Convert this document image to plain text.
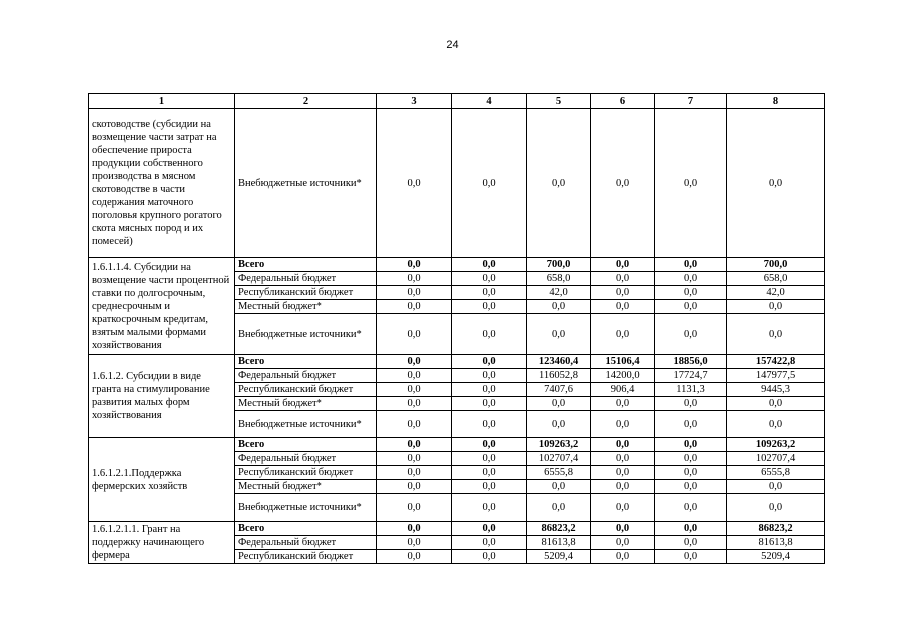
24
1	2	3	4	5	6	7	8
скотоводстве (субсидии на возмещение части затрат на обеспечение прироста продукции собственного производства в мясном скотоводстве в части содержания маточного поголовья крупного рогатого скота мясных пород и их помесей)	Внебюджетные источники*	0,0	0,0	0,0	0,0	0,0	0,0
1.6.1.1.4. Субсидии на возмещение части процентной ставки по долгосрочным, среднесрочным и краткосрочным кредитам, взятым малыми формами хозяйствования	Всего	0,0	0,0	700,0	0,0	0,0	700,0
	Федеральный бюджет	0,0	0,0	658,0	0,0	0,0	658,0
	Республиканский бюджет	0,0	0,0	42,0	0,0	0,0	42,0
	Местный бюджет*	0,0	0,0	0,0	0,0	0,0	0,0
	Внебюджетные источники*	0,0	0,0	0,0	0,0	0,0	0,0
1.6.1.2. Субсидии в виде гранта на стимулирование развития малых форм хозяйствования	Всего	0,0	0,0	123460,4	15106,4	18856,0	157422,8
	Федеральный бюджет	0,0	0,0	116052,8	14200,0	17724,7	147977,5
	Республиканский бюджет	0,0	0,0	7407,6	906,4	1131,3	9445,3
	Местный бюджет*	0,0	0,0	0,0	0,0	0,0	0,0
	Внебюджетные источники*	0,0	0,0	0,0	0,0	0,0	0,0
1.6.1.2.1.Поддержка фермерских хозяйств	Всего	0,0	0,0	109263,2	0,0	0,0	109263,2
	Федеральный бюджет	0,0	0,0	102707,4	0,0	0,0	102707,4
	Республиканский бюджет	0,0	0,0	6555,8	0,0	0,0	6555,8
	Местный бюджет*	0,0	0,0	0,0	0,0	0,0	0,0
	Внебюджетные источники*	0,0	0,0	0,0	0,0	0,0	0,0
1.6.1.2.1.1. Грант на поддержку начинающего фермера	Всего	0,0	0,0	86823,2	0,0	0,0	86823,2
	Федеральный бюджет	0,0	0,0	81613,8	0,0	0,0	81613,8
	Республиканский бюджет	0,0	0,0	5209,4	0,0	0,0	5209,4
